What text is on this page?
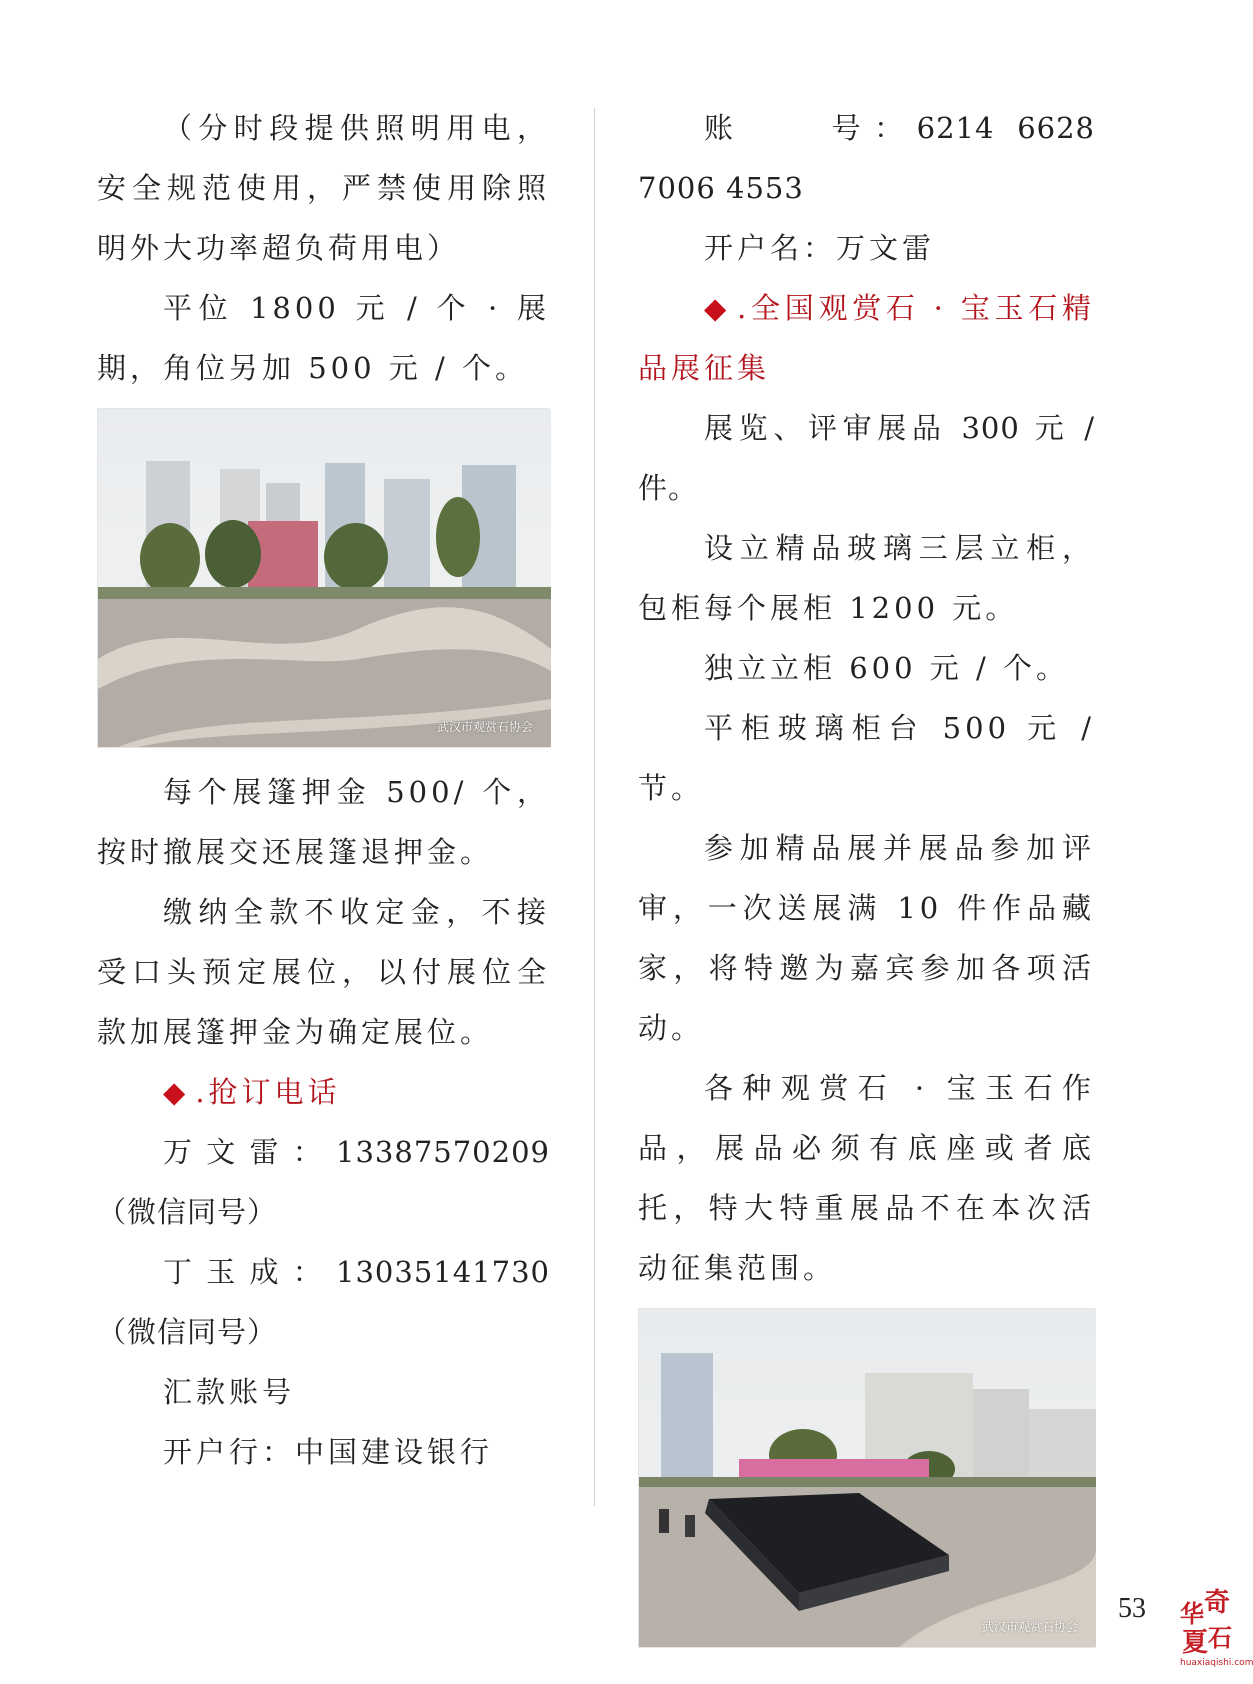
（分时段提供照明用电，安全规范使用，严禁使用除照明外大功率超负荷用电）

平位 1800 元 / 个 · 展期，角位另加 500 元 / 个。

武汉市观赏石协会

每个展篷押金 500/ 个，按时撤展交还展篷退押金。

缴纳全款不收定金，不接受口头预定展位，以付展位全款加展篷押金为确定展位。

◆ .抢订电话

万文雷：13387570209（微信同号）

丁玉成：13035141730（微信同号）

汇款账号

开户行：中国建设银行

账　　号：6214 6628 7006 4553

开户名：万文雷

◆ .全国观赏石 · 宝玉石精品展征集

展览、评审展品 300 元 / 件。

设立精品玻璃三层立柜，包柜每个展柜 1200 元。

独立立柜 600 元 / 个。

平柜玻璃柜台 500 元 / 节。

参加精品展并展品参加评审，一次送展满 10 件作品藏家，将特邀为嘉宾参加各项活动。

各种观赏石 · 宝玉石作品，展品必须有底座或者底托，特大特重展品不在本次活动征集范围。

武汉市观赏石协会
53 华 奇
夏 石
huaxiaqishi.com
